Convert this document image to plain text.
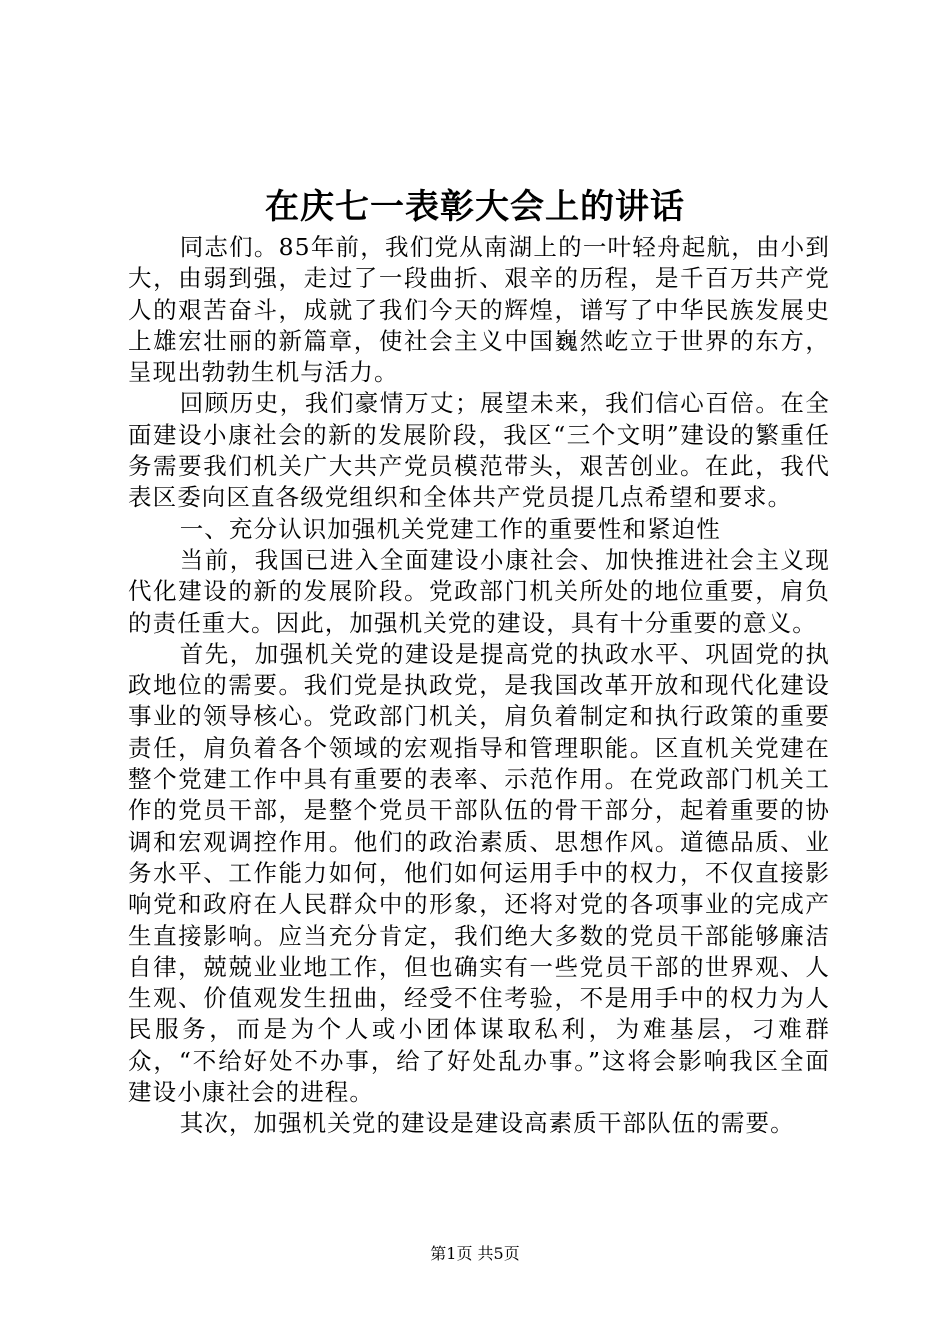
在庆七一表彰大会上的讲话

同志们。85年前，我们党从南湖上的一叶轻舟起航，由小到大，由弱到强，走过了一段曲折、艰辛的历程，是千百万共产党人的艰苦奋斗，成就了我们今天的辉煌，谱写了中华民族发展史上雄宏壮丽的新篇章，使社会主义中国巍然屹立于世界的东方，呈现出勃勃生机与活力。

回顾历史，我们豪情万丈；展望未来，我们信心百倍。在全面建设小康社会的新的发展阶段，我区“三个文明”建设的繁重任务需要我们机关广大共产党员模范带头，艰苦创业。在此，我代表区委向区直各级党组织和全体共产党员提几点希望和要求。

一、充分认识加强机关党建工作的重要性和紧迫性

当前，我国已进入全面建设小康社会、加快推进社会主义现代化建设的新的发展阶段。党政部门机关所处的地位重要，肩负的责任重大。因此，加强机关党的建设，具有十分重要的意义。

首先，加强机关党的建设是提高党的执政水平、巩固党的执政地位的需要。我们党是执政党，是我国改革开放和现代化建设事业的领导核心。党政部门机关，肩负着制定和执行政策的重要责任，肩负着各个领域的宏观指导和管理职能。区直机关党建在整个党建工作中具有重要的表率、示范作用。在党政部门机关工作的党员干部，是整个党员干部队伍的骨干部分，起着重要的协调和宏观调控作用。他们的政治素质、思想作风。道德品质、业务水平、工作能力如何，他们如何运用手中的权力，不仅直接影响党和政府在人民群众中的形象，还将对党的各项事业的完成产生直接影响。应当充分肯定，我们绝大多数的党员干部能够廉洁自律，兢兢业业地工作，但也确实有一些党员干部的世界观、人生观、价值观发生扭曲，经受不住考验，不是用手中的权力为人民服务，而是为个人或小团体谋取私利，为难基层，刁难群众，“不给好处不办事，给了好处乱办事。”这将会影响我区全面建设小康社会的进程。

其次，加强机关党的建设是建设高素质干部队伍的需要。

第1页 共5页
